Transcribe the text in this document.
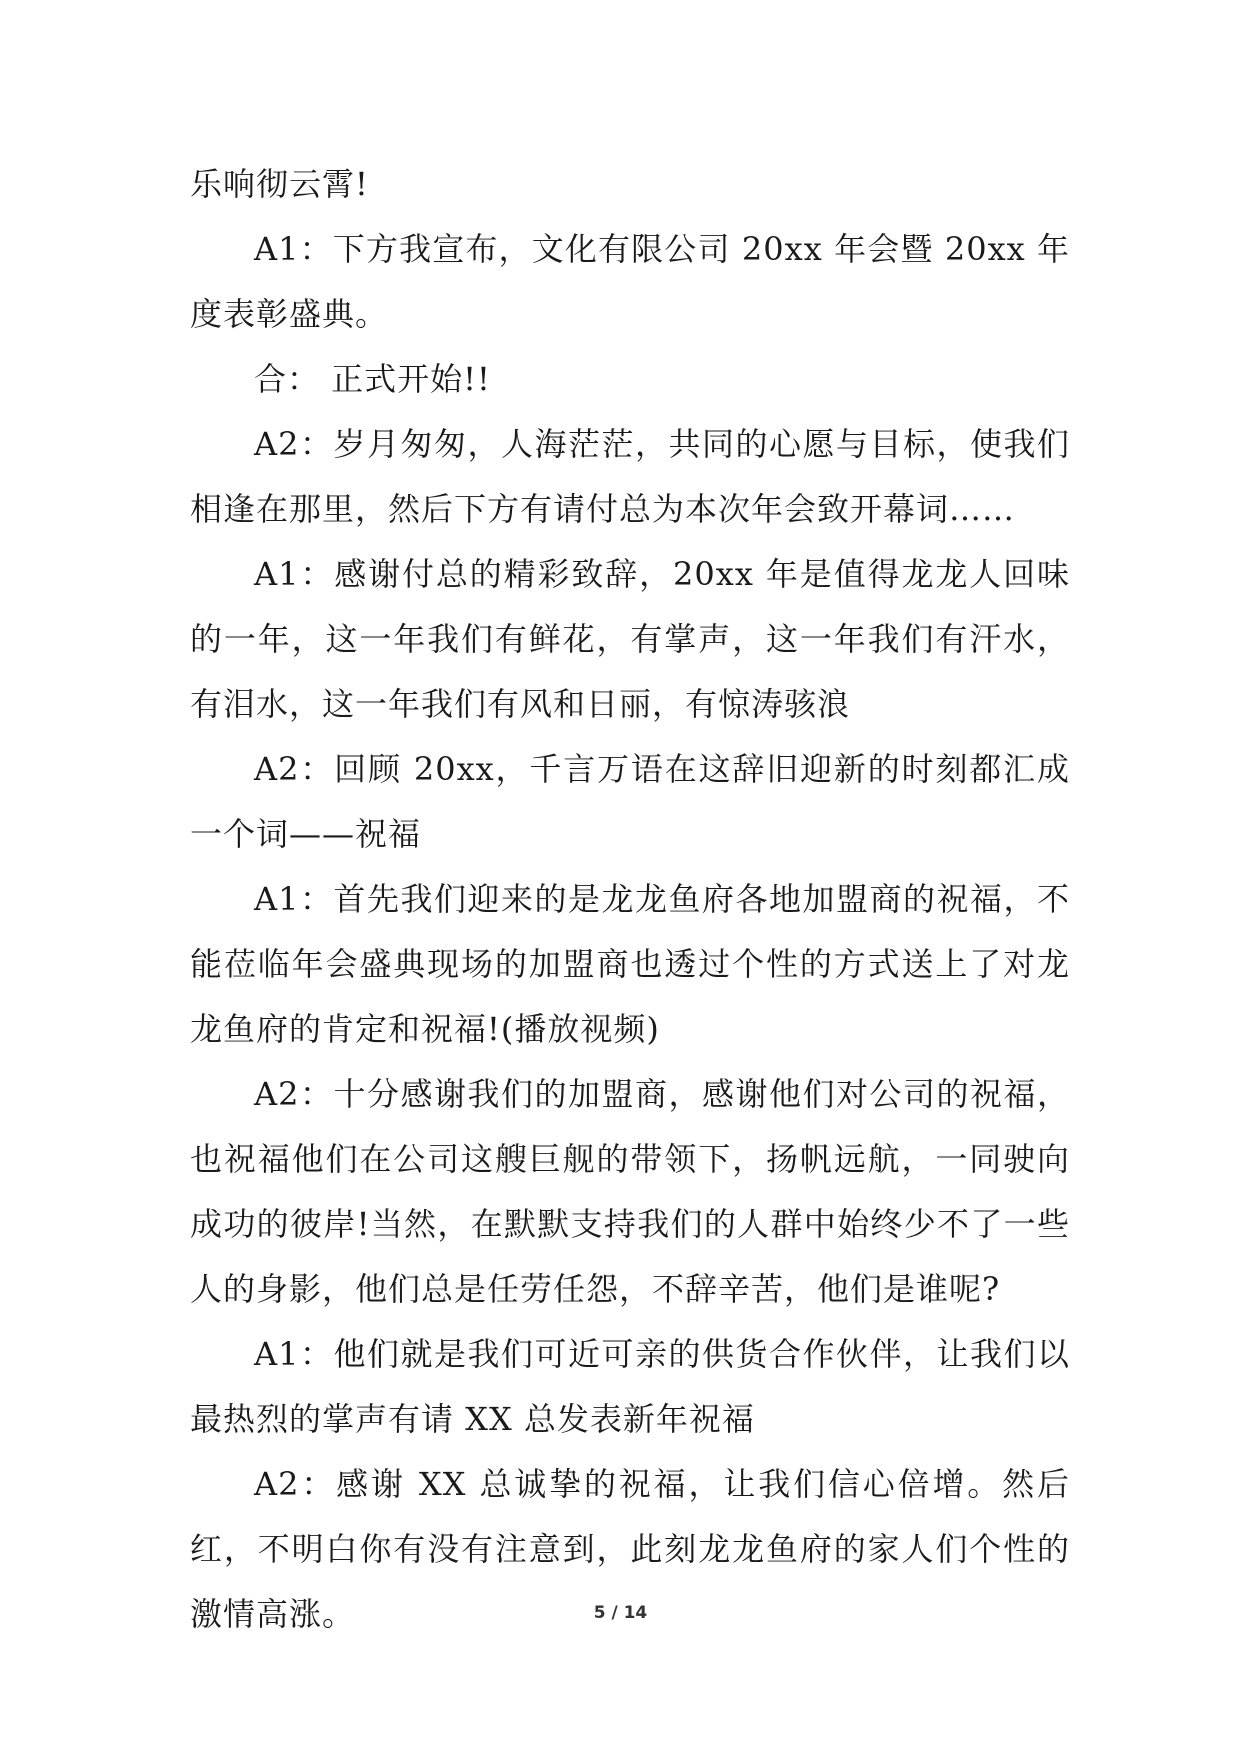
乐响彻云霄!

A1：下方我宣布，文化有限公司 20xx 年会暨 20xx 年度表彰盛典。

合： 正式开始!!

A2：岁月匆匆，人海茫茫，共同的心愿与目标，使我们相逢在那里，然后下方有请付总为本次年会致开幕词……

A1：感谢付总的精彩致辞，20xx 年是值得龙龙人回味的一年，这一年我们有鲜花，有掌声，这一年我们有汗水，有泪水，这一年我们有风和日丽，有惊涛骇浪

A2：回顾 20xx，千言万语在这辞旧迎新的时刻都汇成一个词——祝福

A1：首先我们迎来的是龙龙鱼府各地加盟商的祝福，不能莅临年会盛典现场的加盟商也透过个性的方式送上了对龙龙鱼府的肯定和祝福!(播放视频)

A2：十分感谢我们的加盟商，感谢他们对公司的祝福，也祝福他们在公司这艘巨舰的带领下，扬帆远航，一同驶向成功的彼岸!当然，在默默支持我们的人群中始终少不了一些人的身影，他们总是任劳任怨，不辞辛苦，他们是谁呢?

A1：他们就是我们可近可亲的供货合作伙伴，让我们以最热烈的掌声有请 XX 总发表新年祝福

A2：感谢 XX 总诚挚的祝福，让我们信心倍增。然后红，不明白你有没有注意到，此刻龙龙鱼府的家人们个性的激情高涨。	5 / 14
